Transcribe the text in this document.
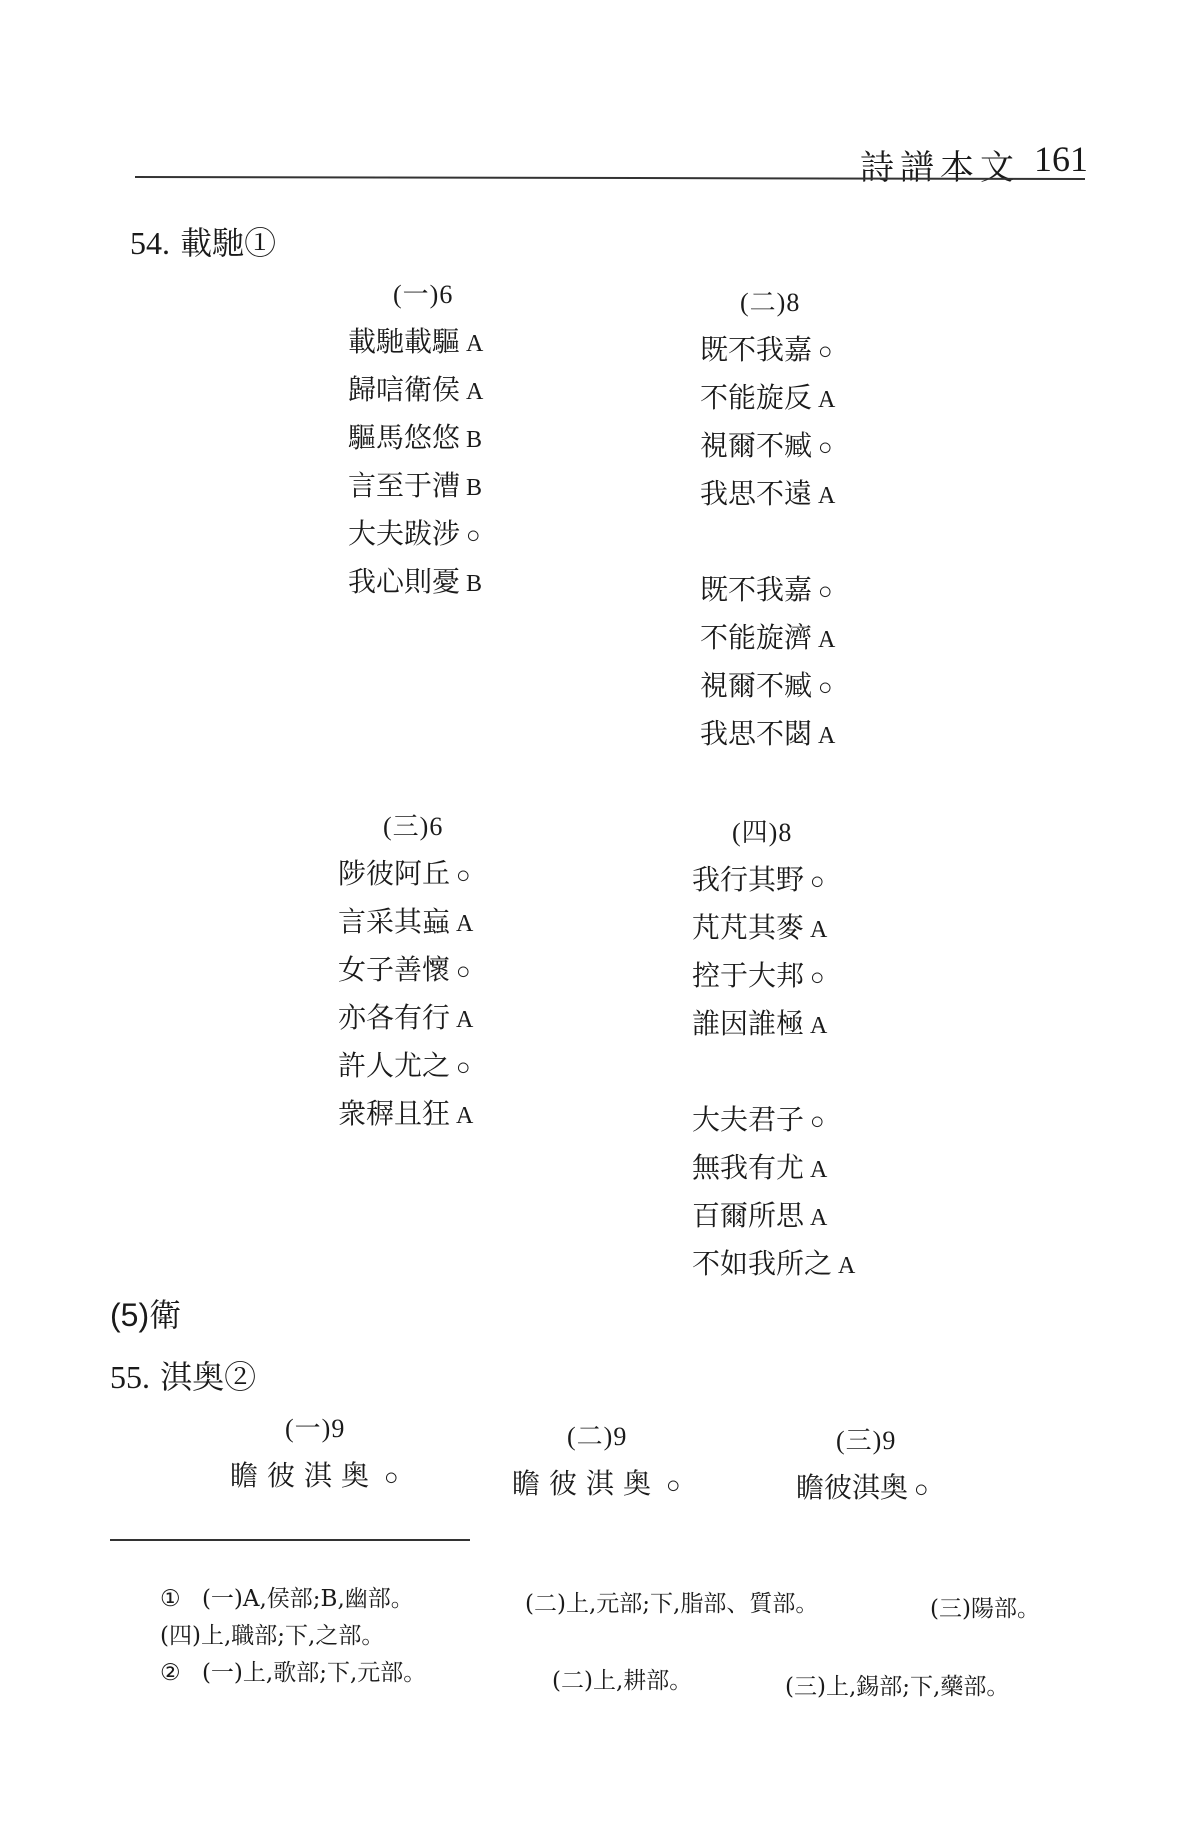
詩譜本文 161
54. 載馳①
(一)6
載馳載驅 A
歸唁衛侯 A
驅馬悠悠 B
言至于漕 B
大夫跋涉 ○
我心則憂 B
(二)8
既不我嘉 ○
不能旋反 A
視爾不臧 ○
我思不遠 A
既不我嘉 ○
不能旋濟 A
視爾不臧 ○
我思不閟 A
(三)6
陟彼阿丘 ○
言采其蝱 A
女子善懷 ○
亦各有行 A
許人尤之 ○
衆稺且狂 A
(四)8
我行其野 ○
芃芃其麥 A
控于大邦 ○
誰因誰極 A
大夫君子 ○
無我有尤 A
百爾所思 A
不如我所之 A
(5)衛
55. 淇奥②
(一)9
瞻彼淇奥 ○
(二)9
瞻彼淇奥 ○
(三)9
瞻彼淇奥 ○
① (一)A,侯部;B,幽部。	(二)上,元部;下,脂部、質部。	(三)陽部。
(四)上,職部;下,之部。
② (一)上,歌部;下,元部。	(二)上,耕部。	(三)上,錫部;下,藥部。
